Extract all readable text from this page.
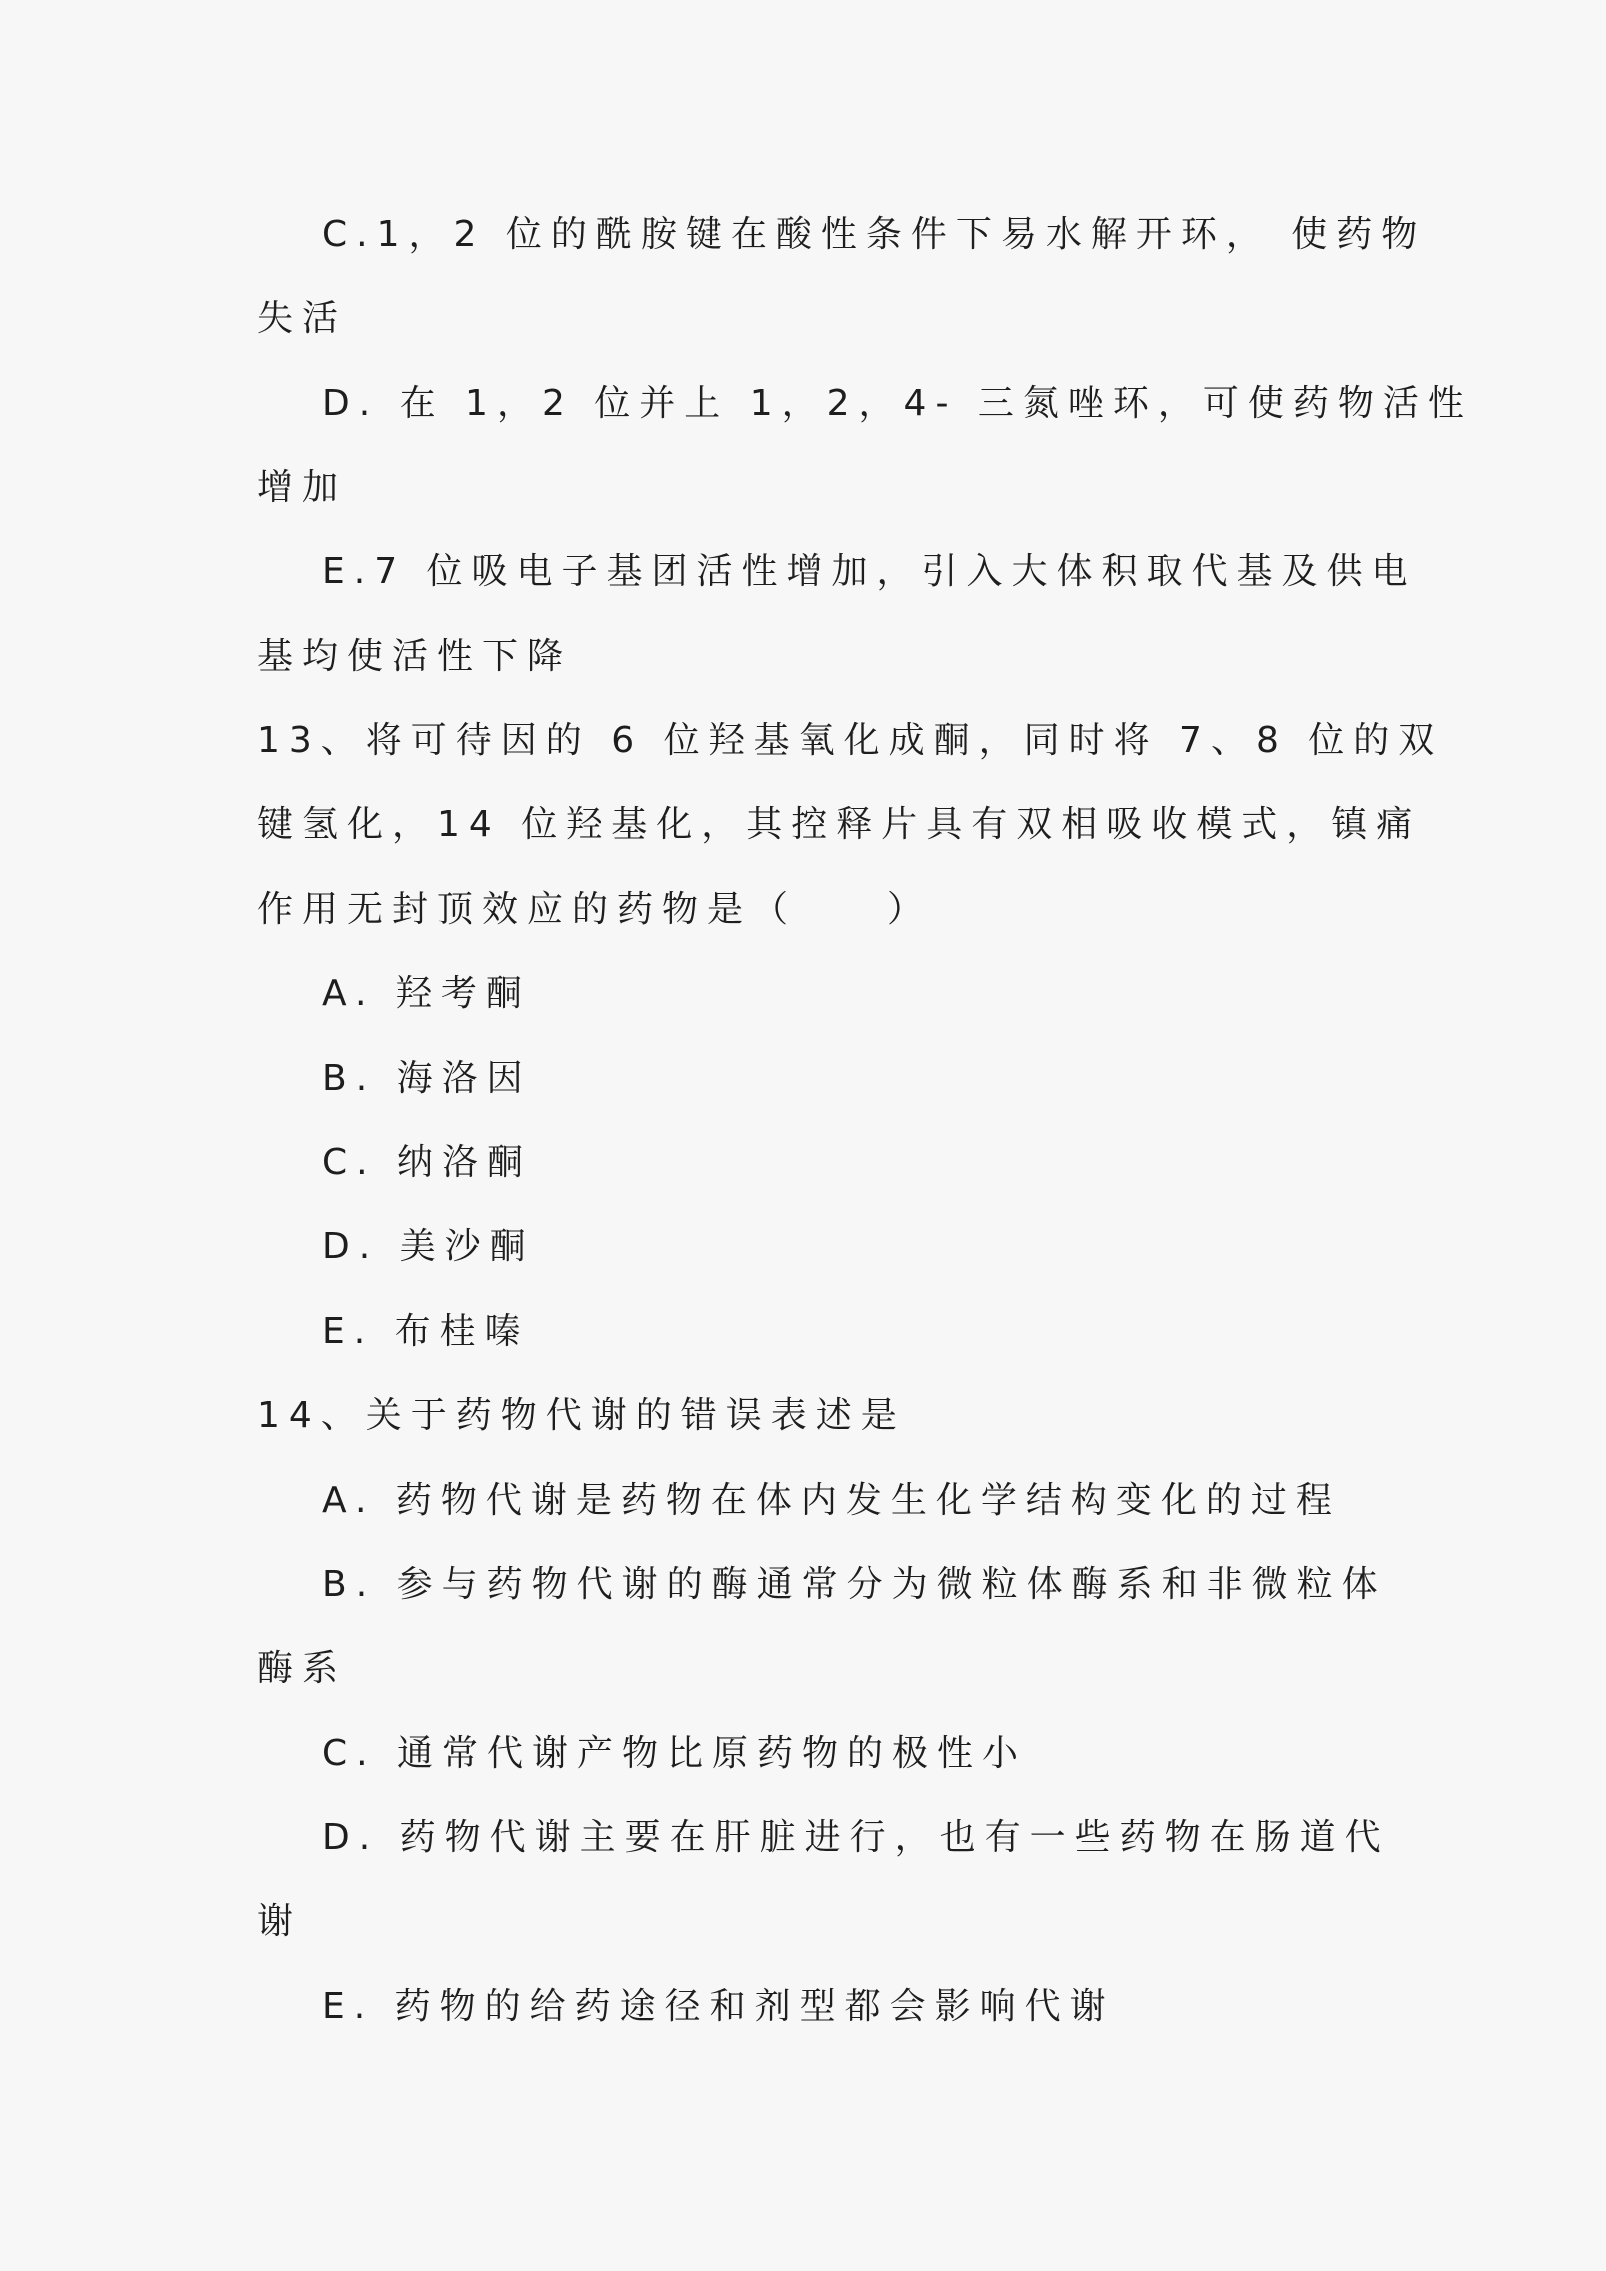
C.1，2 位的酰胺键在酸性条件下易水解开环， 使药物
失活
D. 在 1，2 位并上 1，2，4- 三氮唑环，可使药物活性
增加
E.7 位吸电子基团活性增加，引入大体积取代基及供电
基均使活性下降
13、将可待因的 6 位羟基氧化成酮，同时将 7、8 位的双
键氢化，14 位羟基化，其控释片具有双相吸收模式，镇痛
作用无封顶效应的药物是（　　）
A. 羟考酮
B. 海洛因
C. 纳洛酮
D. 美沙酮
E. 布桂嗪
14、关于药物代谢的错误表述是
A. 药物代谢是药物在体内发生化学结构变化的过程
B. 参与药物代谢的酶通常分为微粒体酶系和非微粒体
酶系
C. 通常代谢产物比原药物的极性小
D. 药物代谢主要在肝脏进行，也有一些药物在肠道代
谢
E. 药物的给药途径和剂型都会影响代谢
